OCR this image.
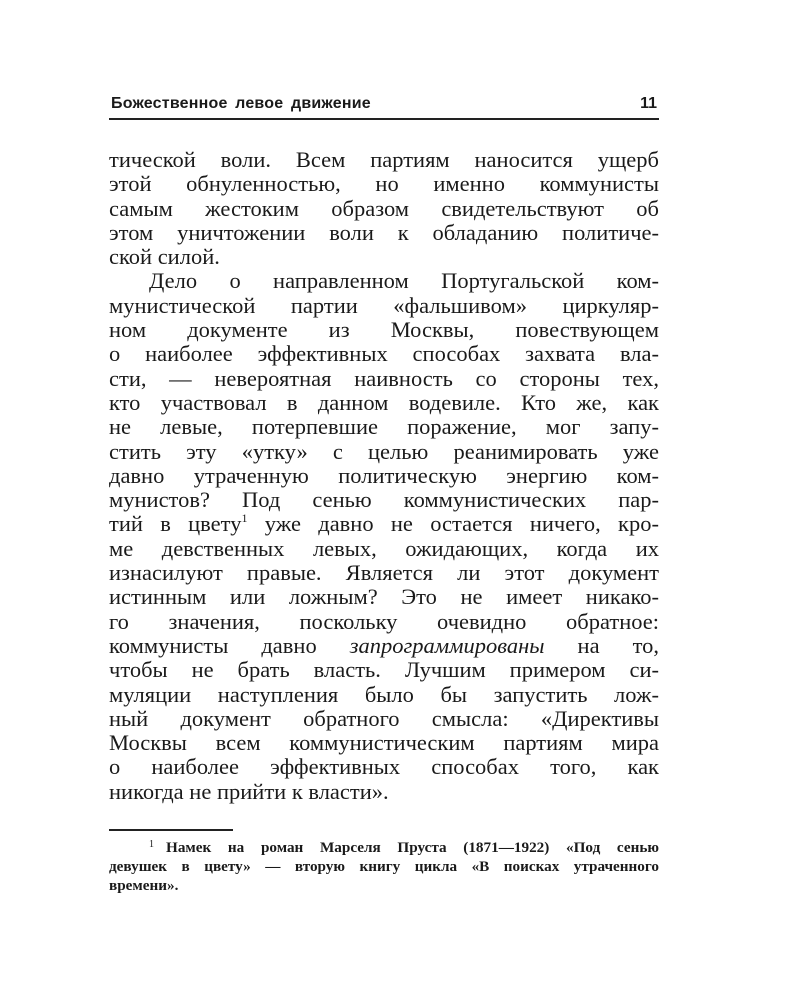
Божественное левое движение	11
тической воли. Всем партиям наносится ущерб
этой обнуленностью, но именно коммунисты
самым жестоким образом свидетельствуют об
этом уничтожении воли к обладанию политиче-
ской силой.
Дело о направленном Португальской ком-
мунистической партии «фальшивом» циркуляр-
ном документе из Москвы, повествующем
о наиболее эффективных способах захвата вла-
сти, — невероятная наивность со стороны тех,
кто участвовал в данном водевиле. Кто же, как
не левые, потерпевшие поражение, мог запу-
стить эту «утку» с целью реанимировать уже
давно утраченную политическую энергию ком-
мунистов? Под сенью коммунистических пар-
тий в цвету$^1$ уже давно не остается ничего, кро-
ме девственных левых, ожидающих, когда их
изнасилуют правые. Является ли этот документ
истинным или ложным? Это не имеет никако-
го значения, поскольку очевидно обратное:
коммунисты давно запрограммированы на то,
чтобы не брать власть. Лучшим примером си-
муляции наступления было бы запустить лож-
ный документ обратного смысла: «Директивы
Москвы всем коммунистическим партиям мира
о наиболее эффективных способах того, как
никогда не прийти к власти».
$^1$ Намек на роман Марселя Пруста (1871—1922) «Под сенью
девушек в цвету» — вторую книгу цикла «В поисках утраченного
времени».
